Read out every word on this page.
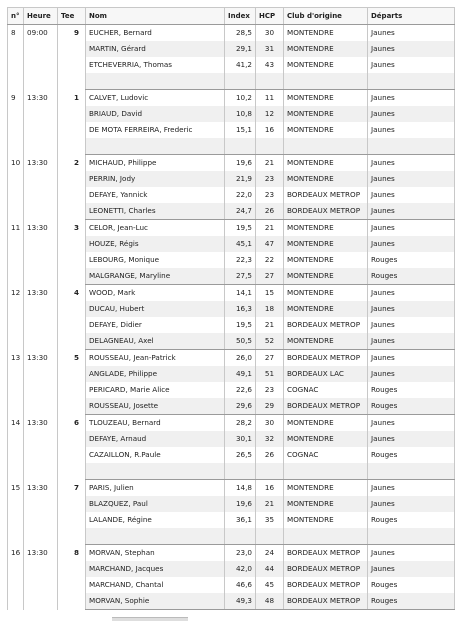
n°	Heure	Tee	Nom	Index	HCP	Club d'origine	Départs	
8	09:00	9	EUCHER, Bernard	28,5	30	MONTENDRE	Jaunes	
			MARTIN, Gérard	29,1	31	MONTENDRE	Jaunes	
			ETCHEVERRIA, Thomas	41,2	43	MONTENDRE	Jaunes	

9	13:30	1	CALVET, Ludovic	10,2	11	MONTENDRE	Jaunes	
			BRIAUD, David	10,8	12	MONTENDRE	Jaunes	
			DE MOTA FERREIRA, Frederic	15,1	16	MONTENDRE	Jaunes	

10	13:30	2	MICHAUD, Philippe	19,6	21	MONTENDRE	Jaunes	
			PERRIN, Jody	21,9	23	MONTENDRE	Jaunes	
			DEFAYE, Yannick	22,0	23	BORDEAUX METROP	Jaunes	
			LEONETTI, Charles	24,7	26	BORDEAUX METROP	Jaunes	
11	13:30	3	CELOR, Jean-Luc	19,5	21	MONTENDRE	Jaunes	
			HOUZE, Régis	45,1	47	MONTENDRE	Jaunes	
			LEBOURG, Monique	22,3	22	MONTENDRE	Rouges	
			MALGRANGE, Maryline	27,5	27	MONTENDRE	Rouges	
12	13:30	4	WOOD, Mark	14,1	15	MONTENDRE	Jaunes	
			DUCAU, Hubert	16,3	18	MONTENDRE	Jaunes	
			DEFAYE, Didier	19,5	21	BORDEAUX METROP	Jaunes	
			DELAGNEAU, Axel	50,5	52	MONTENDRE	Jaunes	
13	13:30	5	ROUSSEAU, Jean-Patrick	26,0	27	BORDEAUX METROP	Jaunes	
			ANGLADE, Philippe	49,1	51	BORDEAUX LAC	Jaunes	
			PERICARD, Marie Alice	22,6	23	COGNAC	Rouges	
			ROUSSEAU, Josette	29,6	29	BORDEAUX METROP	Rouges	
14	13:30	6	TLOUZEAU, Bernard	28,2	30	MONTENDRE	Jaunes	
			DEFAYE, Arnaud	30,1	32	MONTENDRE	Jaunes	
			CAZAILLON, R.Paule	26,5	26	COGNAC	Rouges	

15	13:30	7	PARIS, Julien	14,8	16	MONTENDRE	Jaunes	
			BLAZQUEZ, Paul	19,6	21	MONTENDRE	Jaunes	
			LALANDE, Régine	36,1	35	MONTENDRE	Rouges	

16	13:30	8	MORVAN, Stephan	23,0	24	BORDEAUX METROP	Jaunes	
			MARCHAND, Jacques	42,0	44	BORDEAUX METROP	Jaunes	
			MARCHAND, Chantal	46,6	45	BORDEAUX METROP	Rouges	
			MORVAN, Sophie	49,3	48	BORDEAUX METROP	Rouges	
